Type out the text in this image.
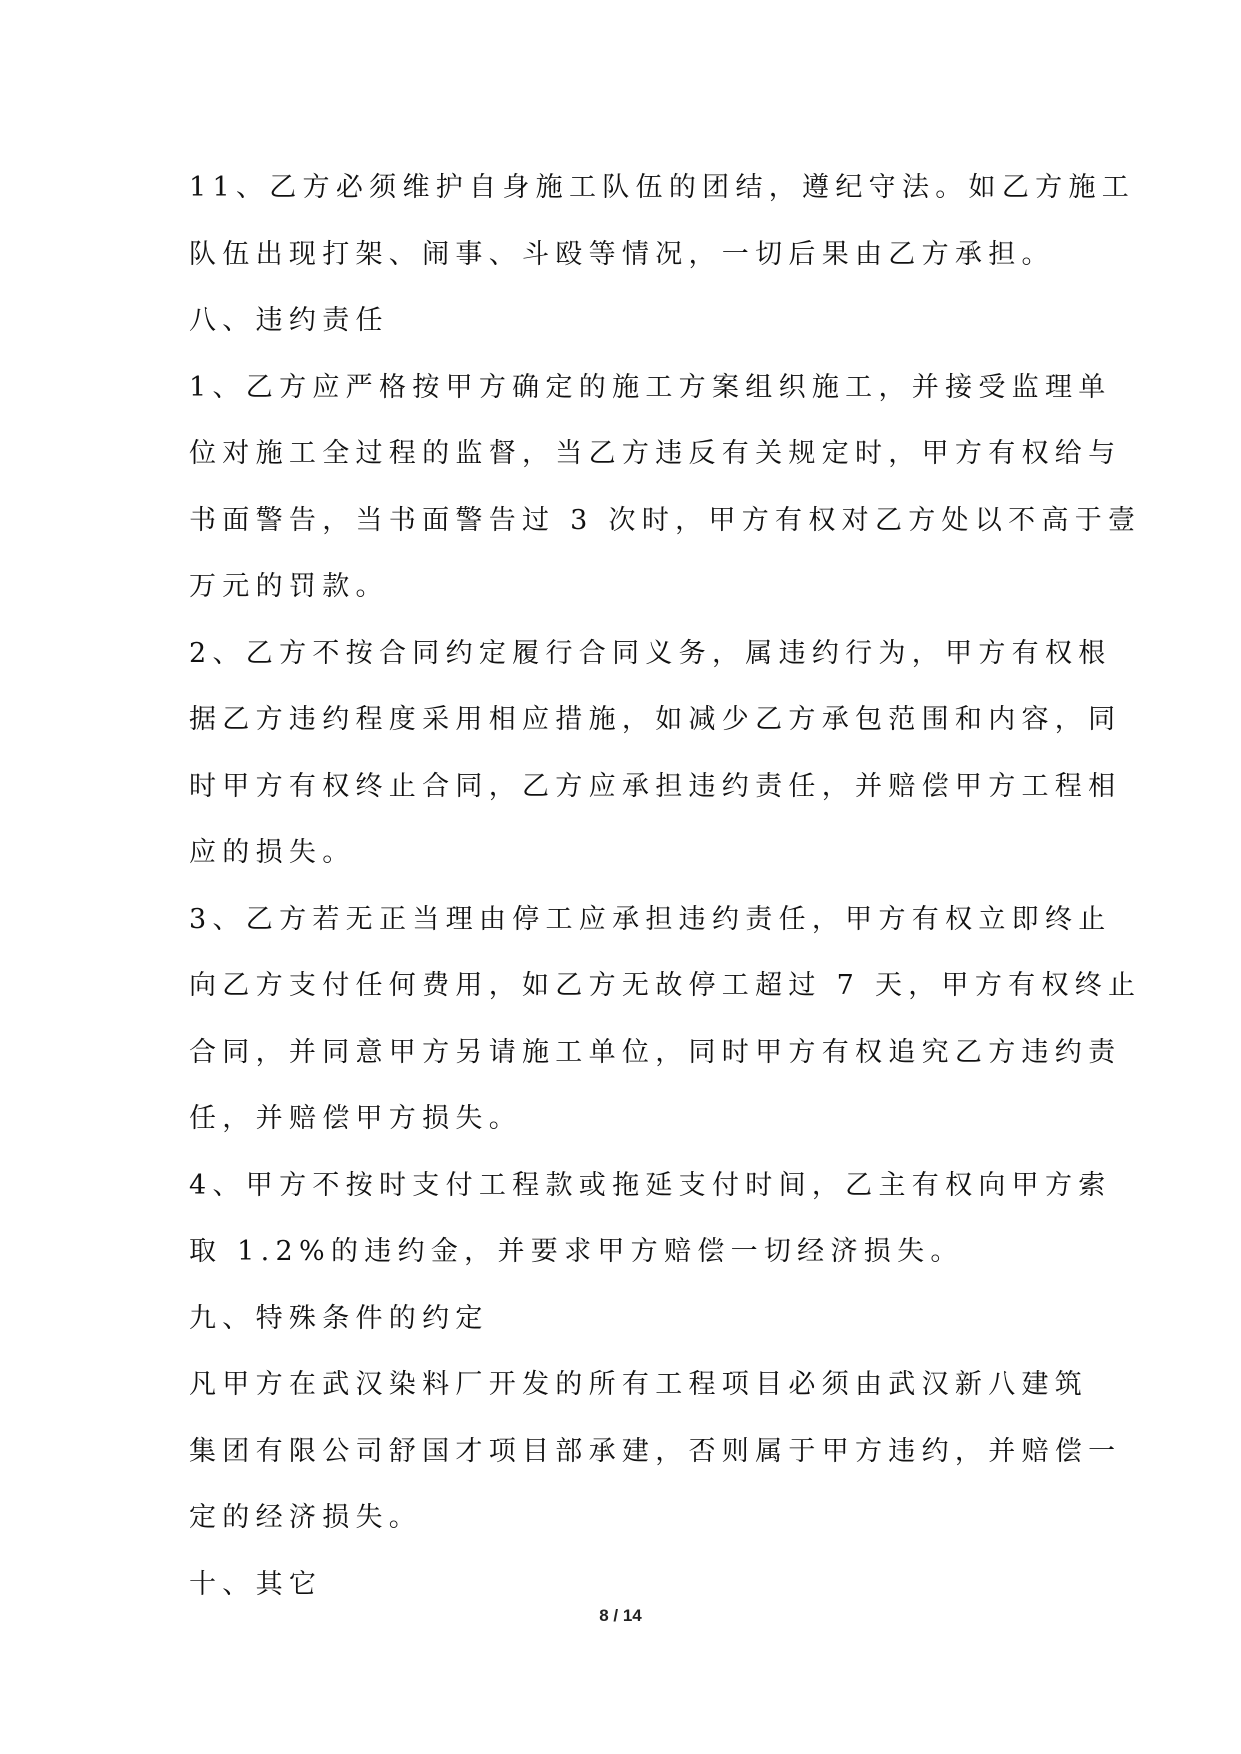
11、乙方必须维护自身施工队伍的团结，遵纪守法。如乙方施工
队伍出现打架、闹事、斗殴等情况，一切后果由乙方承担。
八、违约责任
1、乙方应严格按甲方确定的施工方案组织施工，并接受监理单
位对施工全过程的监督，当乙方违反有关规定时，甲方有权给与
书面警告，当书面警告过 3 次时，甲方有权对乙方处以不高于壹
万元的罚款。
2、乙方不按合同约定履行合同义务，属违约行为，甲方有权根
据乙方违约程度采用相应措施，如减少乙方承包范围和内容，同
时甲方有权终止合同，乙方应承担违约责任，并赔偿甲方工程相
应的损失。
3、乙方若无正当理由停工应承担违约责任，甲方有权立即终止
向乙方支付任何费用，如乙方无故停工超过 7 天，甲方有权终止
合同，并同意甲方另请施工单位，同时甲方有权追究乙方违约责
任，并赔偿甲方损失。
4、甲方不按时支付工程款或拖延支付时间，乙主有权向甲方索
取 1.2%的违约金，并要求甲方赔偿一切经济损失。
九、特殊条件的约定
凡甲方在武汉染料厂开发的所有工程项目必须由武汉新八建筑
集团有限公司舒国才项目部承建，否则属于甲方违约，并赔偿一
定的经济损失。
十、其它
8 / 14
